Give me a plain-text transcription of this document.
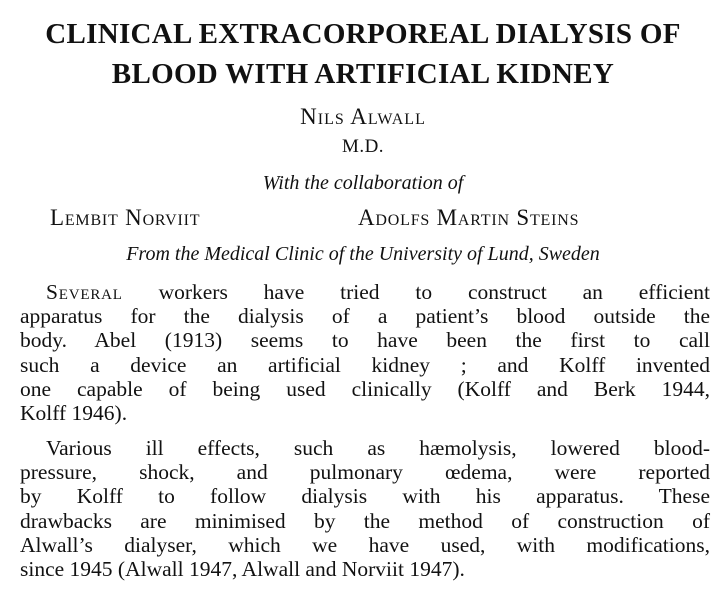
CLINICAL EXTRACORPOREAL DIALYSIS OF
BLOOD WITH ARTIFICIAL KIDNEY
Nils Alwall
M.D.
With the collaboration of
Lembit Norviit	Adolfs Martin Steins
From the Medical Clinic of the University of Lund, Sweden
Several workers have tried to construct an efficient
apparatus for the dialysis of a patient’s blood outside the
body. Abel (1913) seems to have been the first to call
such a device an artificial kidney ; and Kolff invented
one capable of being used clinically (Kolff and Berk 1944,
Kolff 1946).
Various ill effects, such as hæmolysis, lowered blood-
pressure, shock, and pulmonary œdema, were reported
by Kolff to follow dialysis with his apparatus. These
drawbacks are minimised by the method of construction of
Alwall’s dialyser, which we have used, with modifications,
since 1945 (Alwall 1947, Alwall and Norviit 1947).
